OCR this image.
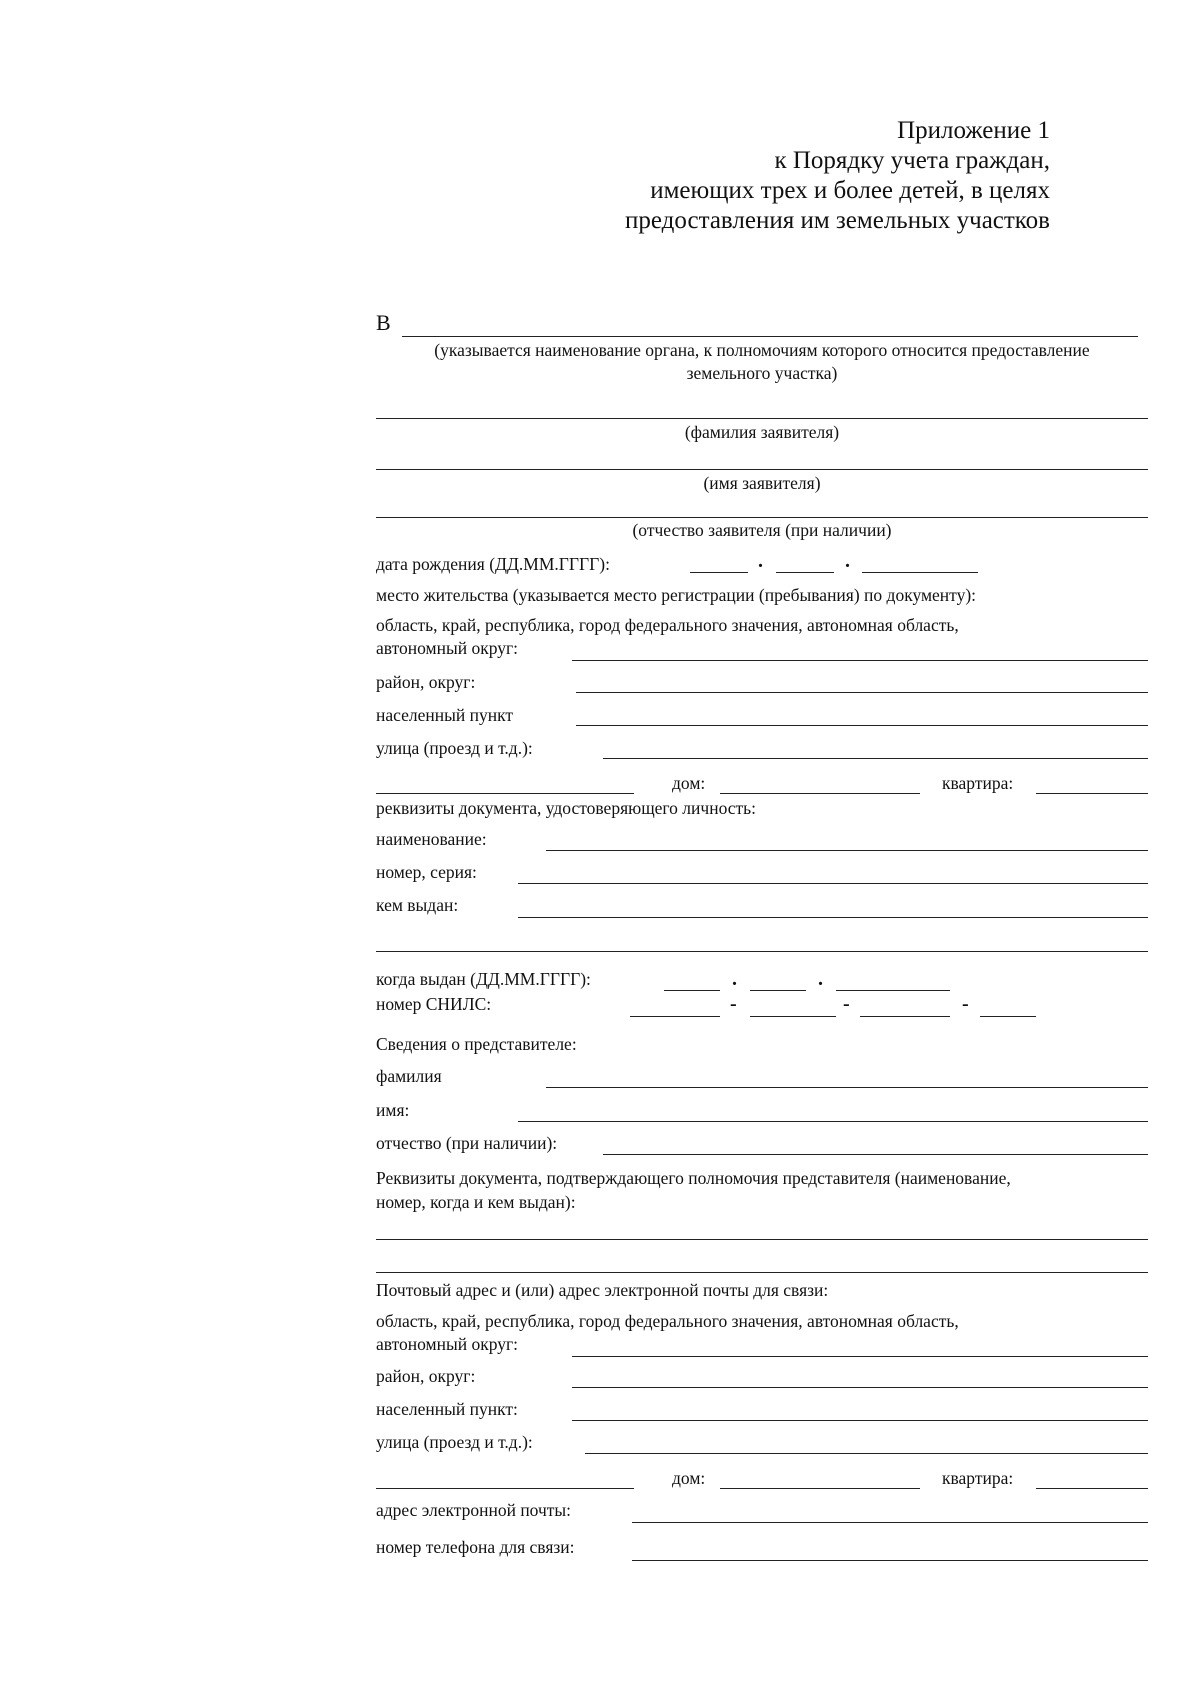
Приложение 1
к Порядку учета граждан,
имеющих трех и более детей, в целях
предоставления им земельных участков
В
(указывается наименование органа, к полномочиям которого относится предоставление
земельного участка)
(фамилия заявителя)
(имя заявителя)
(отчество заявителя (при наличии)
дата рождения (ДД.ММ.ГГГГ):	.	.
место жительства (указывается место регистрации (пребывания) по документу):
область, край, республика, город федерального значения, автономная область,
автономный округ:
район, округ:
населенный пункт
улица (проезд и т.д.):
дом:	квартира:
реквизиты документа, удостоверяющего личность:
наименование:
номер, серия:
кем выдан:
когда выдан (ДД.ММ.ГГГГ):	.	.
номер СНИЛС:	-	-	-
Сведения о представителе:
фамилия
имя:
отчество (при наличии):
Реквизиты документа, подтверждающего полномочия представителя (наименование,
номер, когда и кем выдан):
Почтовый адрес и (или) адрес электронной почты для связи:
область, край, республика, город федерального значения, автономная область,
автономный округ:
район, округ:
населенный пункт:
улица (проезд и т.д.):
дом:	квартира:
адрес электронной почты:
номер телефона для связи:
